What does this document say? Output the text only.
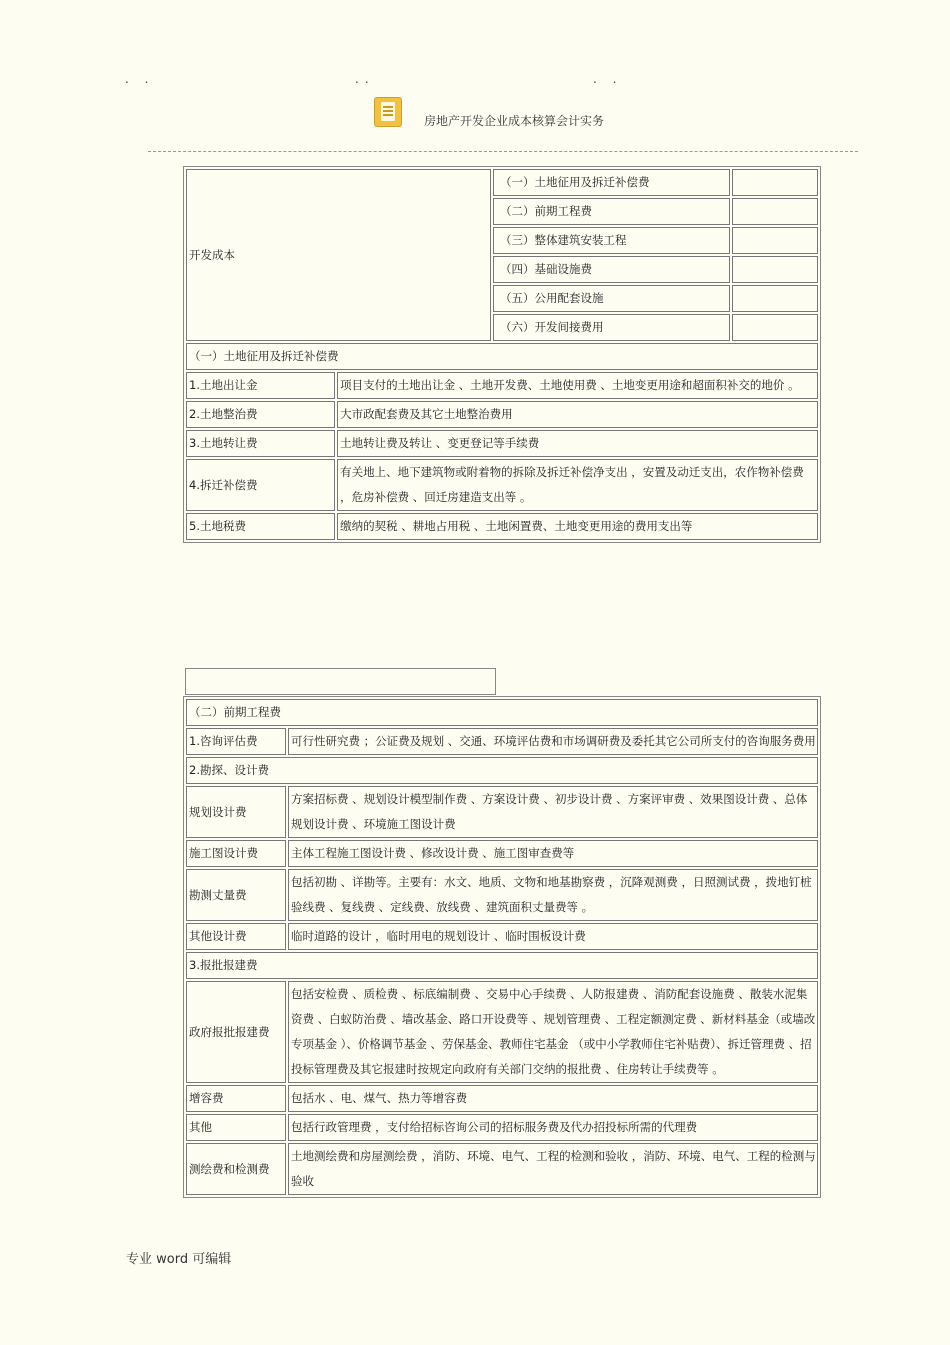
. .	..	. .
房地产开发企业成本核算会计实务
开发成本		（一）土地征用及拆迁补偿费	
		（二）前期工程费	
		（三）整体建筑安装工程	
		（四）基础设施费	
		（五）公用配套设施	
		（六）开发间接费用	
（一）土地征用及拆迁补偿费			
1.土地出让金	项目支付的土地出让金 、土地开发费、土地使用费 、土地变更用途和超面积补交的地价 。		
2.土地整治费	大市政配套费及其它土地整治费用		
3.土地转让费	土地转让费及转让 、变更登记等手续费		
4.拆迁补偿费	有关地上、地下建筑物或附着物的拆除及拆迁补偿净支出 ，安置及动迁支出，农作物补偿费 ，危房补偿费 、回迁房建造支出等 。		
5.土地税费	缴纳的契税 、耕地占用税 、土地闲置费、土地变更用途的费用支出等		
（二）前期工程费	
1.咨询评估费	可行性研究费 ；公证费及规划 、交通、环境评估费和市场调研费及委托其它公司所支付的咨询服务费用
2.勘探、设计费	
规划设计费	方案招标费 、规划设计模型制作费 、方案设计费 、初步设计费 、方案评审费 、效果图设计费 、总体规划设计费 、环境施工图设计费
施工图设计费	主体工程施工图设计费 、修改设计费 、施工图审查费等
勘测丈量费	包括初勘 、详勘等。主要有：水文、地质、文物和地基勘察费 ，沉降观测费 ，日照测试费 ，拨地钉桩验线费 、复线费 、定线费、放线费 、建筑面积丈量费等 。
其他设计费	临时道路的设计 ，临时用电的规划设计 、临时围板设计费
3.报批报建费	
政府报批报建费	包括安检费 、质检费 、标底编制费 、交易中心手续费 、人防报建费 、消防配套设施费 、散装水泥集资费 、白蚁防治费 、墙改基金、路口开设费等 、规划管理费 、工程定额测定费 、新材料基金（或墙改专项基金 ）、价格调节基金 、劳保基金、教师住宅基金 （或中小学教师住宅补贴费）、拆迁管理费 、招投标管理费及其它报建时按规定向政府有关部门交纳的报批费 、住房转让手续费等 。
增容费	包括水 、电、煤气、热力等增容费
其他	包括行政管理费 ，支付给招标咨询公司的招标服务费及代办招投标所需的代理费
测绘费和检测费	土地测绘费和房屋测绘费 ，消防、环境、电气、工程的检测和验收 ，消防、环境、电气、工程的检测与验收
专业 word 可编辑
